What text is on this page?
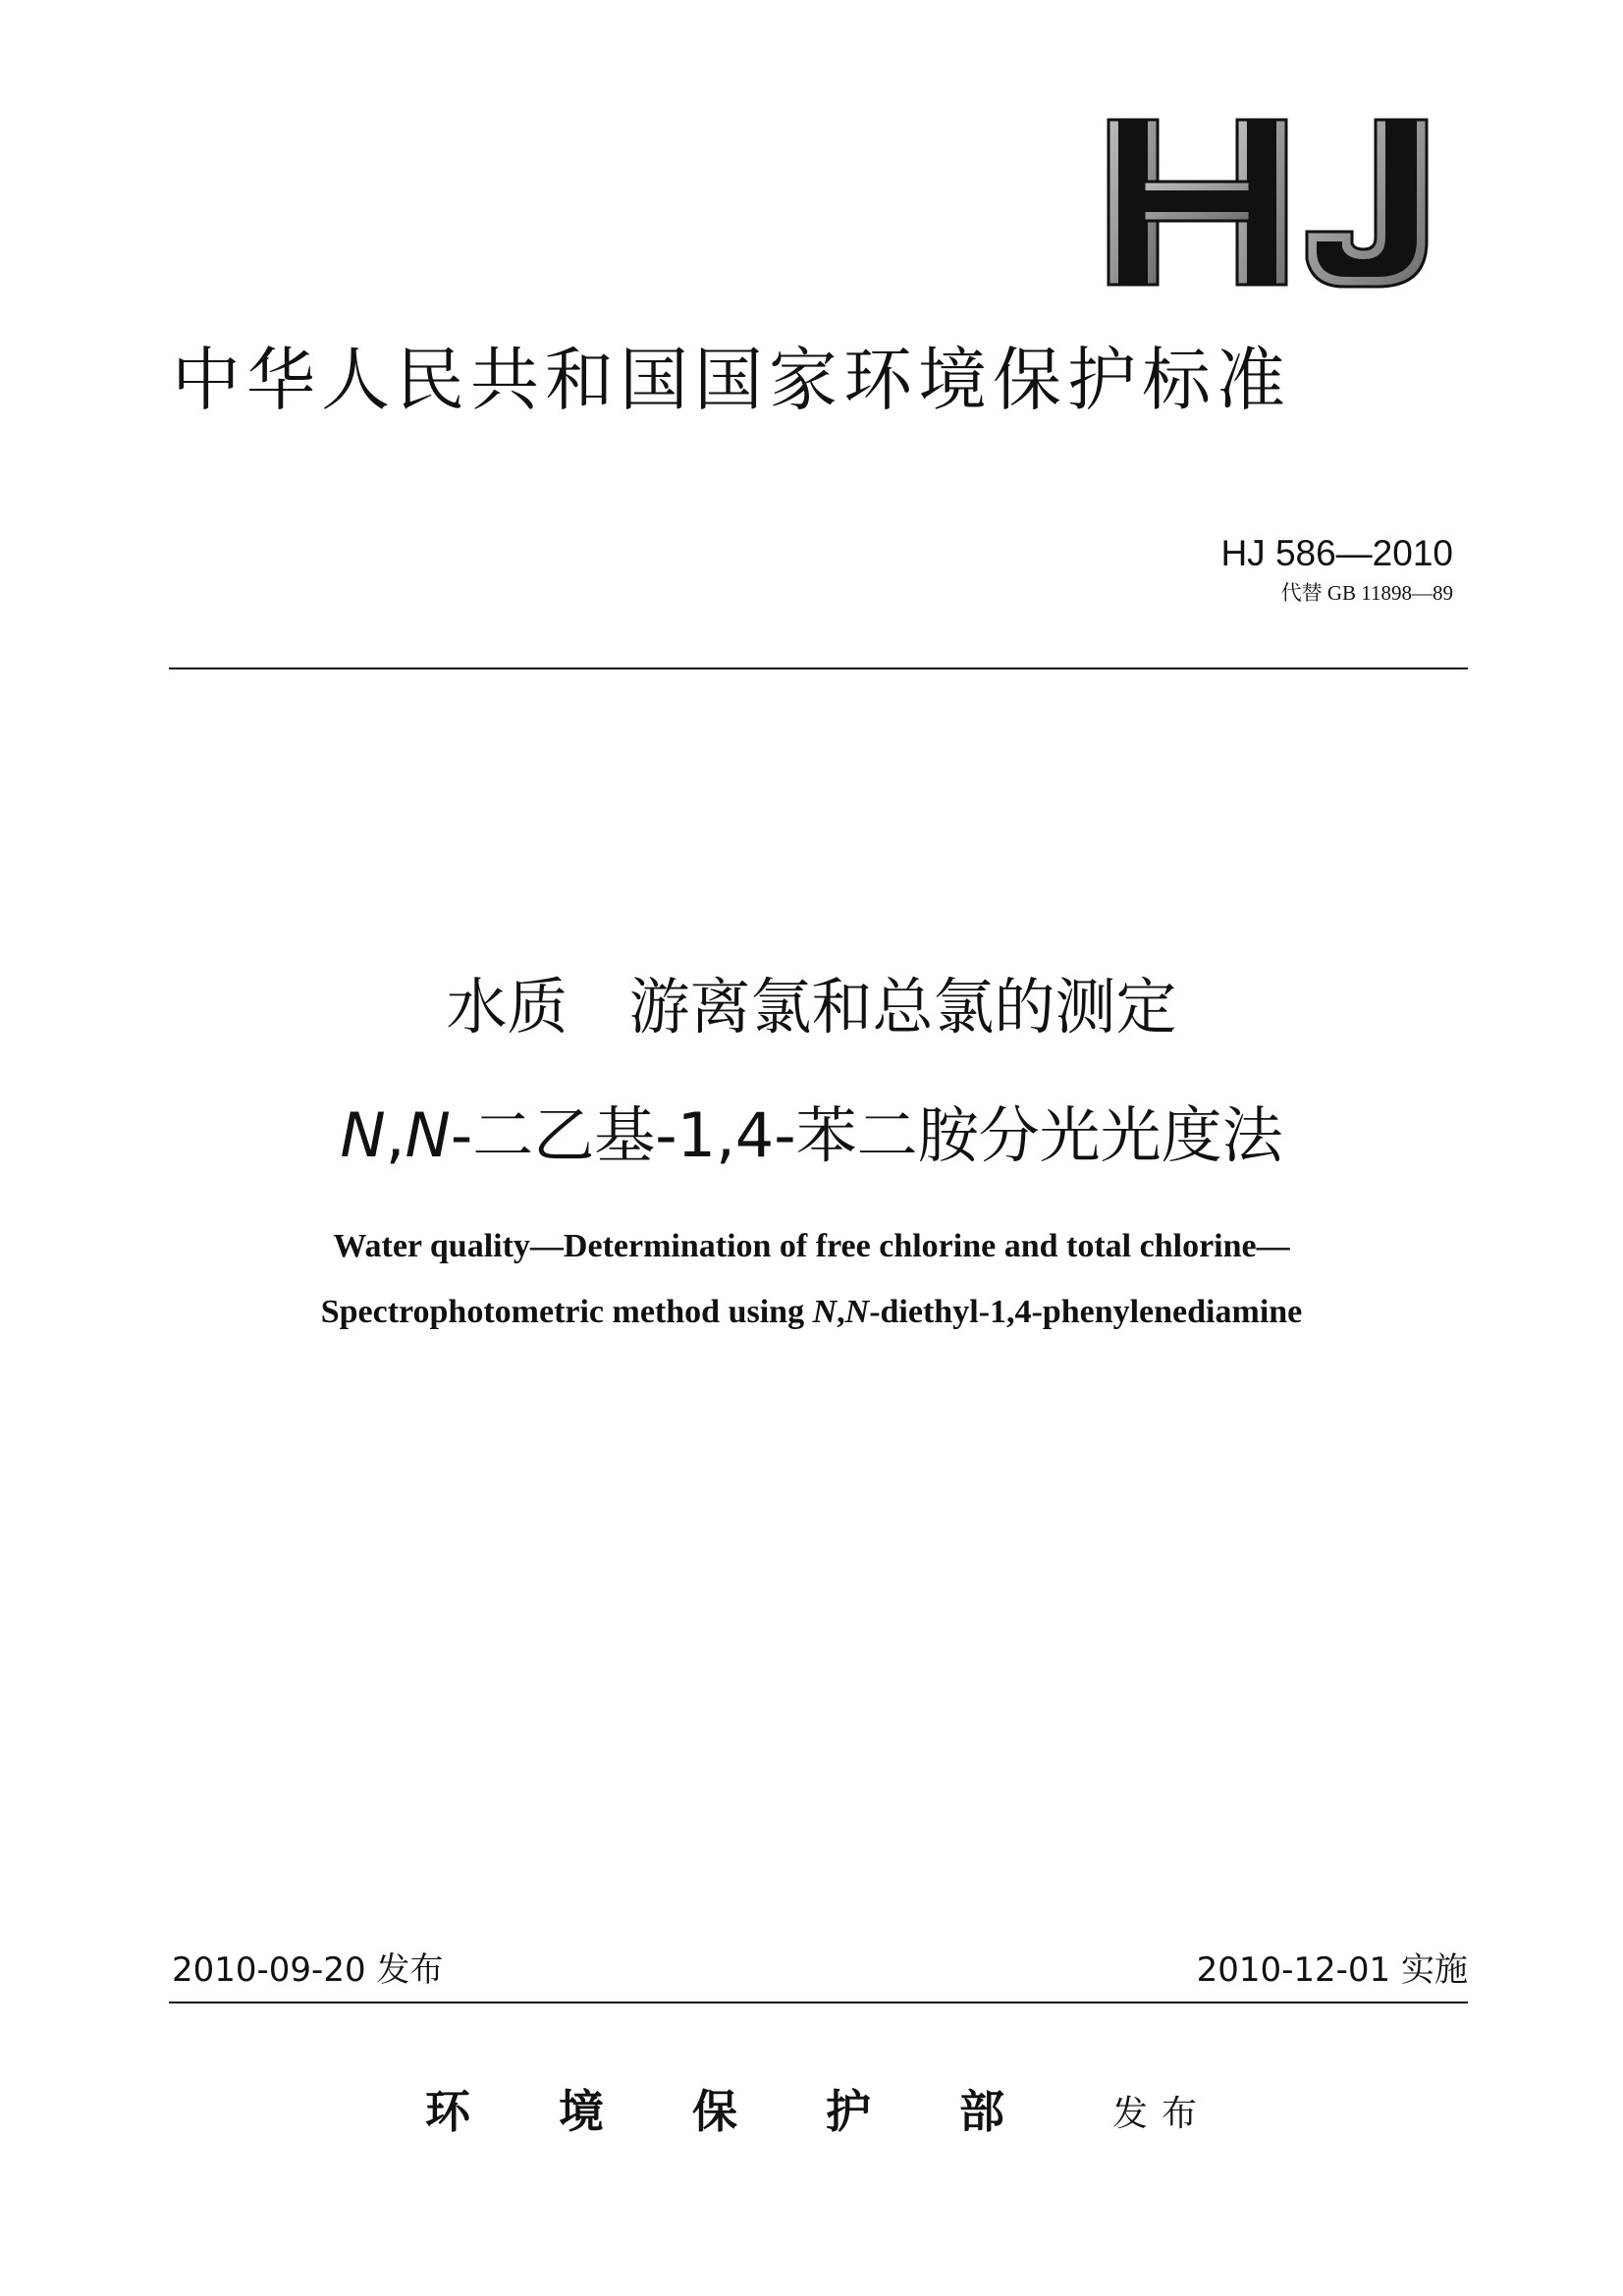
中华人民共和国国家环境保护标准
HJ 586—2010
代替 GB 11898—89
水质　游离氯和总氯的测定
N,N-二乙基-1,4-苯二胺分光光度法
Water quality—Determination of free chlorine and total chlorine—
Spectrophotometric method using N,N-diethyl-1,4-phenylenediamine
2010-09-20 发布	2010-12-01 实施
环境保护部 发布
